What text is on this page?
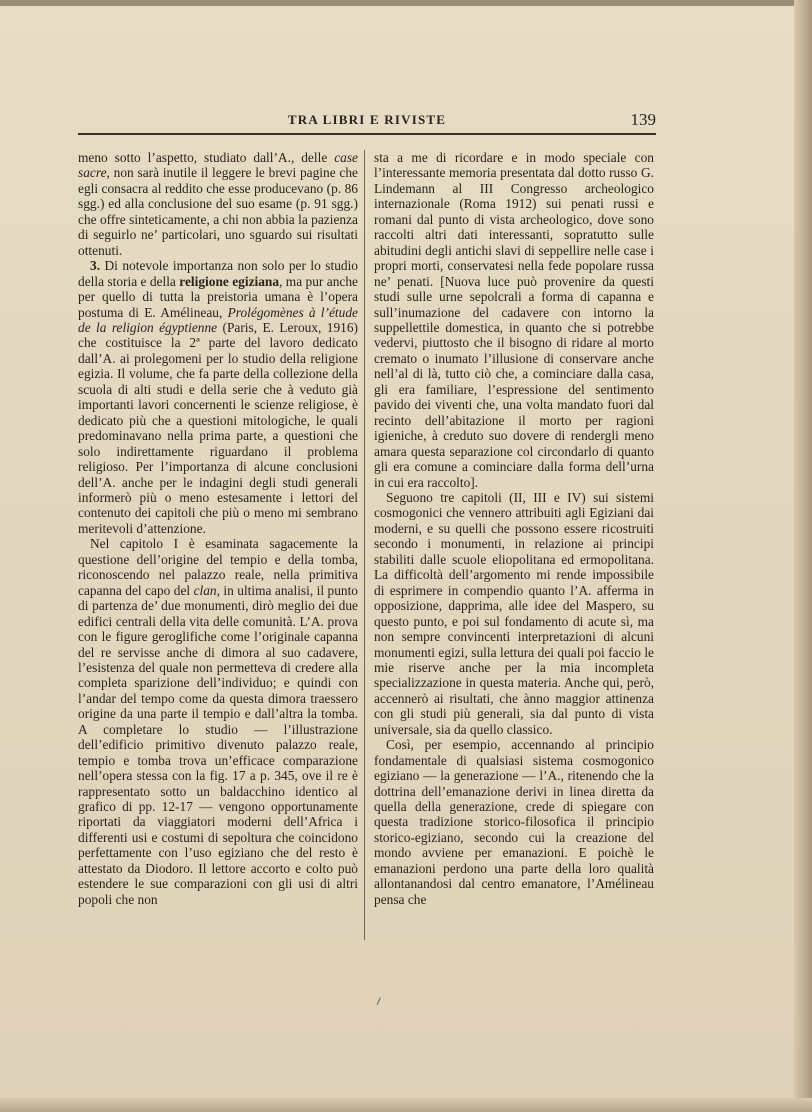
TRA LIBRI E RIVISTE	139

meno sotto l’aspetto, studiato dall’A., delle case sacre, non sarà inutile il leggere le brevi pagine che egli consacra al reddito che esse producevano (p. 86 sgg.) ed alla conclusione del suo esame (p. 91 sgg.) che offre sinteticamente, a chi non abbia la pazienza di seguirlo ne’ particolari, uno sguardo sui risultati ottenuti.

3. Di notevole importanza non solo per lo studio della storia e della religione egiziana, ma pur anche per quello di tutta la preistoria umana è l’opera postuma di E. Amélineau, Prolégomènes à l’étude de la religion égyptienne (Paris, E. Leroux, 1916) che costituisce la 2ª parte del lavoro dedicato dall’A. ai prolegomeni per lo studio della religione egizia. Il volume, che fa parte della collezione della scuola di alti studi e della serie che à veduto già importanti lavori concernenti le scienze religiose, è dedicato più che a questioni mitologiche, le quali predominavano nella prima parte, a questioni che solo indirettamente riguardano il problema religioso. Per l’importanza di alcune conclusioni dell’A. anche per le indagini degli studi generali informerò più o meno estesamente i lettori del contenuto dei capitoli che più o meno mi sembrano meritevoli d’attenzione.

Nel capitolo I è esaminata sagacemente la questione dell’origine del tempio e della tomba, riconoscendo nel palazzo reale, nella primitiva capanna del capo del clan, in ultima analisi, il punto di partenza de’ due monumenti, dirò meglio dei due edifici centrali della vita delle comunità. L’A. prova con le figure geroglifiche come l’originale capanna del re servisse anche di dimora al suo cadavere, l’esistenza del quale non permetteva di credere alla completa sparizione dell’individuo; e quindi con l’andar del tempo come da questa dimora traessero origine da una parte il tempio e dall’altra la tomba. A completare lo studio — l’illustrazione dell’edificio primitivo divenuto palazzo reale, tempio e tomba trova un’efficace comparazione nell’opera stessa con la fig. 17 a p. 345, ove il re è rappresentato sotto un baldacchino identico al grafico di pp. 12-17 — vengono opportunamente riportati da viaggiatori moderni dell’Africa i differenti usi e costumi di sepoltura che coincidono perfettamente con l’uso egiziano che del resto è attestato da Diodoro. Il lettore accorto e colto può estendere le sue comparazioni con gli usi di altri popoli che non

sta a me di ricordare e in modo speciale con l’interessante memoria presentata dal dotto russo G. Lindemann al III Congresso archeologico internazionale (Roma 1912) sui penati russi e romani dal punto di vista archeologico, dove sono raccolti altri dati interessanti, sopratutto sulle abitudini degli antichi slavi di seppellire nelle case i propri morti, conservatesi nella fede popolare russa ne’ penati. [Nuova luce può provenire da questi studi sulle urne sepolcrali a forma di capanna e sull’inumazione del cadavere con intorno la suppellettile domestica, in quanto che si potrebbe vedervi, piuttosto che il bisogno di ridare al morto cremato o inumato l’illusione di conservare anche nell’al di là, tutto ciò che, a cominciare dalla casa, gli era familiare, l’espressione del sentimento pavido dei viventi che, una volta mandato fuori dal recinto dell’abitazione il morto per ragioni igieniche, à creduto suo dovere di rendergli meno amara questa separazione col circondarlo di quanto gli era comune a cominciare dalla forma dell’urna in cui era raccolto].

Seguono tre capitoli (II, III e IV) sui sistemi cosmogonici che vennero attribuiti agli Egiziani dai moderni, e su quelli che possono essere ricostruiti secondo i monumenti, in relazione ai principi stabiliti dalle scuole eliopolitana ed ermopolitana. La difficoltà dell’argomento mi rende impossibile di esprimere in compendio quanto l’A. afferma in opposizione, dapprima, alle idee del Maspero, su questo punto, e poi sul fondamento di acute sì, ma non sempre convincenti interpretazioni di alcuni monumenti egizi, sulla lettura dei quali poi faccio le mie riserve anche per la mia incompleta specializzazione in questa materia. Anche qui, però, accennerò ai risultati, che ànno maggior attinenza con gli studi più generali, sia dal punto di vista universale, sia da quello classico.

Così, per esempio, accennando al principio fondamentale di qualsiasi sistema cosmogonico egiziano — la generazione — l’A., ritenendo che la dottrina dell’emanazione derivi in linea diretta da quella della generazione, crede di spiegare con questa tradizione storico-filosofica il principio storico-egiziano, secondo cui la creazione del mondo avviene per emanazioni. E poichè le emanazioni perdono una parte della loro qualità allontanandosi dal centro emanatore, l’Amélineau pensa che
